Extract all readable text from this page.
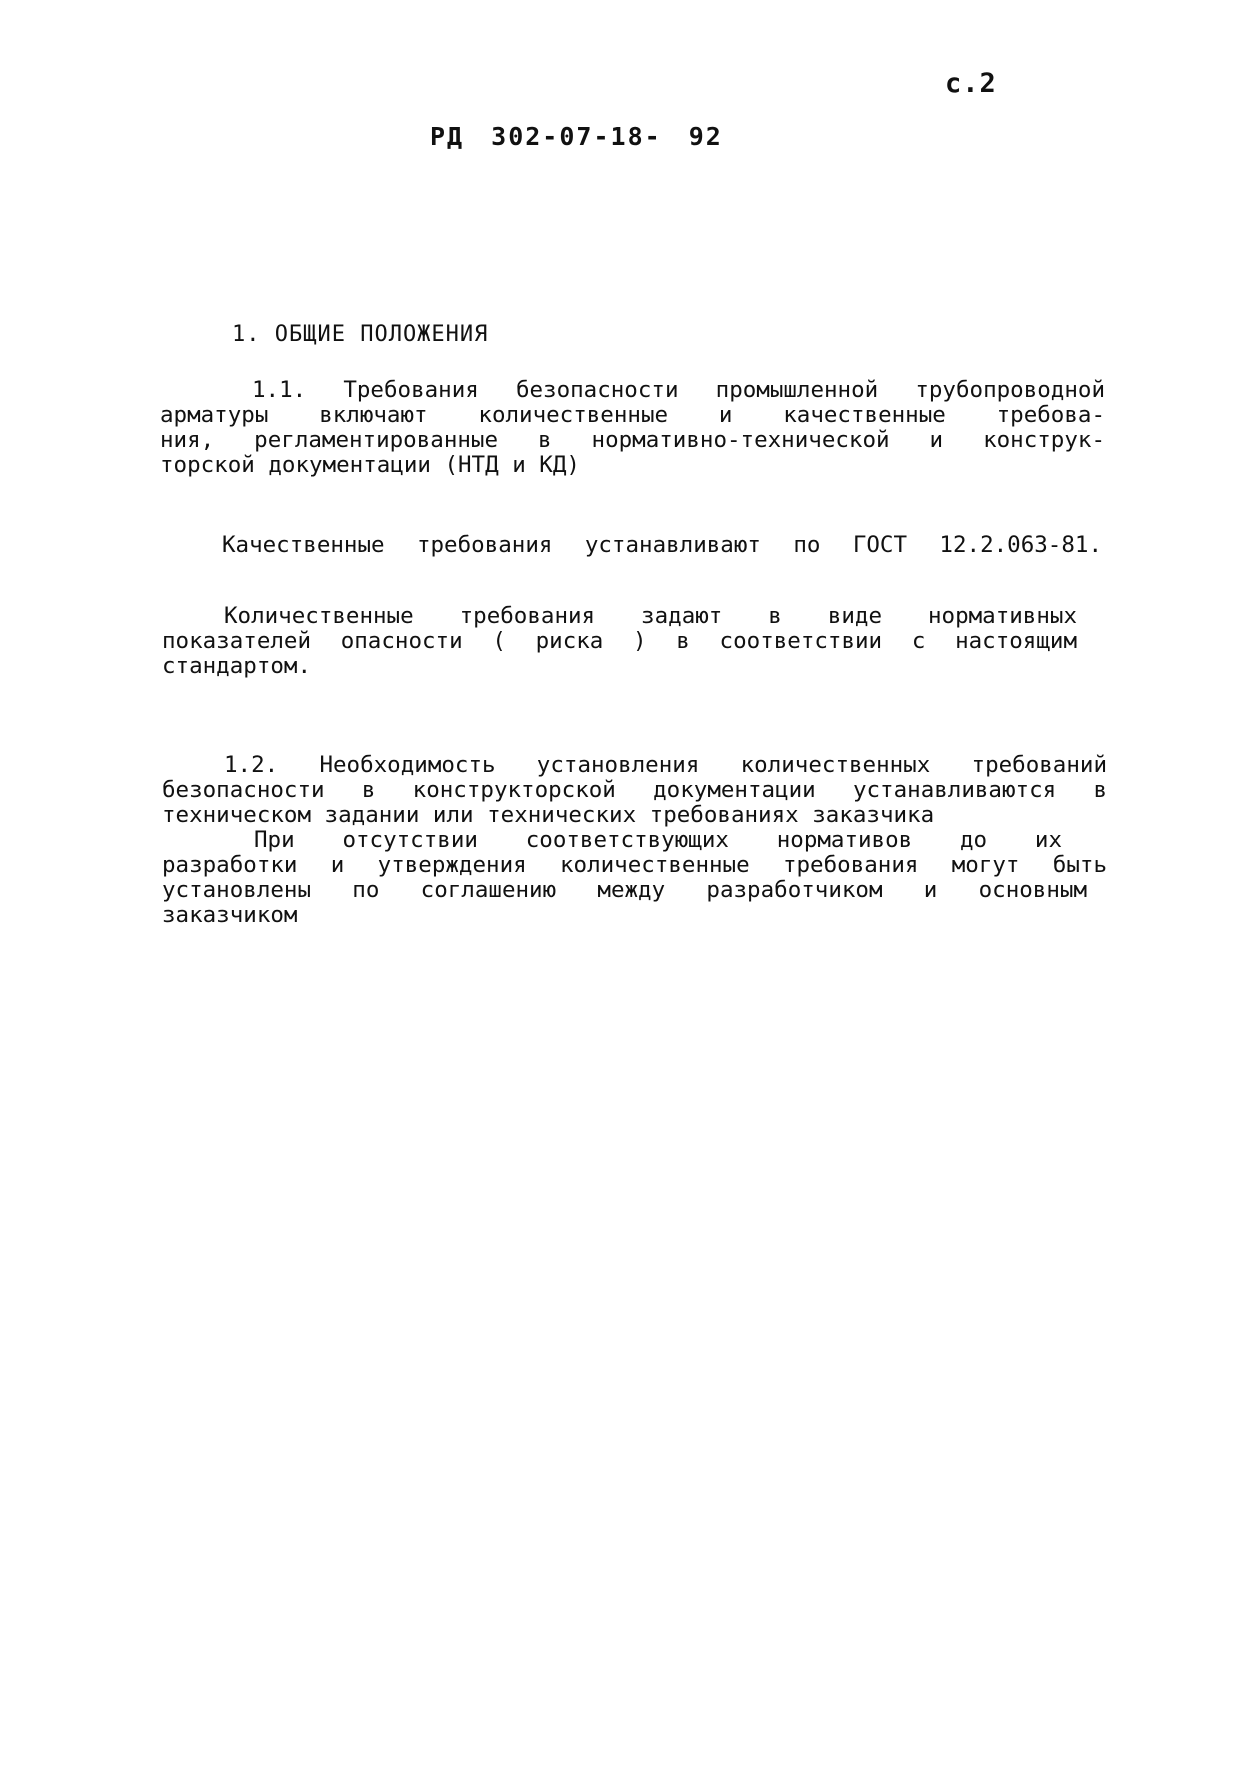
с.2
РД 302-07-18- 92
1. ОБЩИЕ ПОЛОЖЕНИЯ
1.1. Требования безопасности промышленной трубопроводной
арматуры включают количественные и качественные требова-
ния, регламентированные в нормативно-технической и конструк-
торской документации (НТД и КД)
Качественные требования устанавливают по ГОСТ 12.2.063-81.
Количественные требования задают в виде нормативных
показателей опасности ( риска ) в соответствии с настоящим
стандартом.
1.2. Необходимость установления количественных требований
безопасности в конструкторской документации устанавливаются в
техническом задании или технических требованиях заказчика
При отсутствии соответствующих нормативов до их
разработки и утверждения количественные требования могут быть
установлены по соглашению между разработчиком и основным
заказчиком
